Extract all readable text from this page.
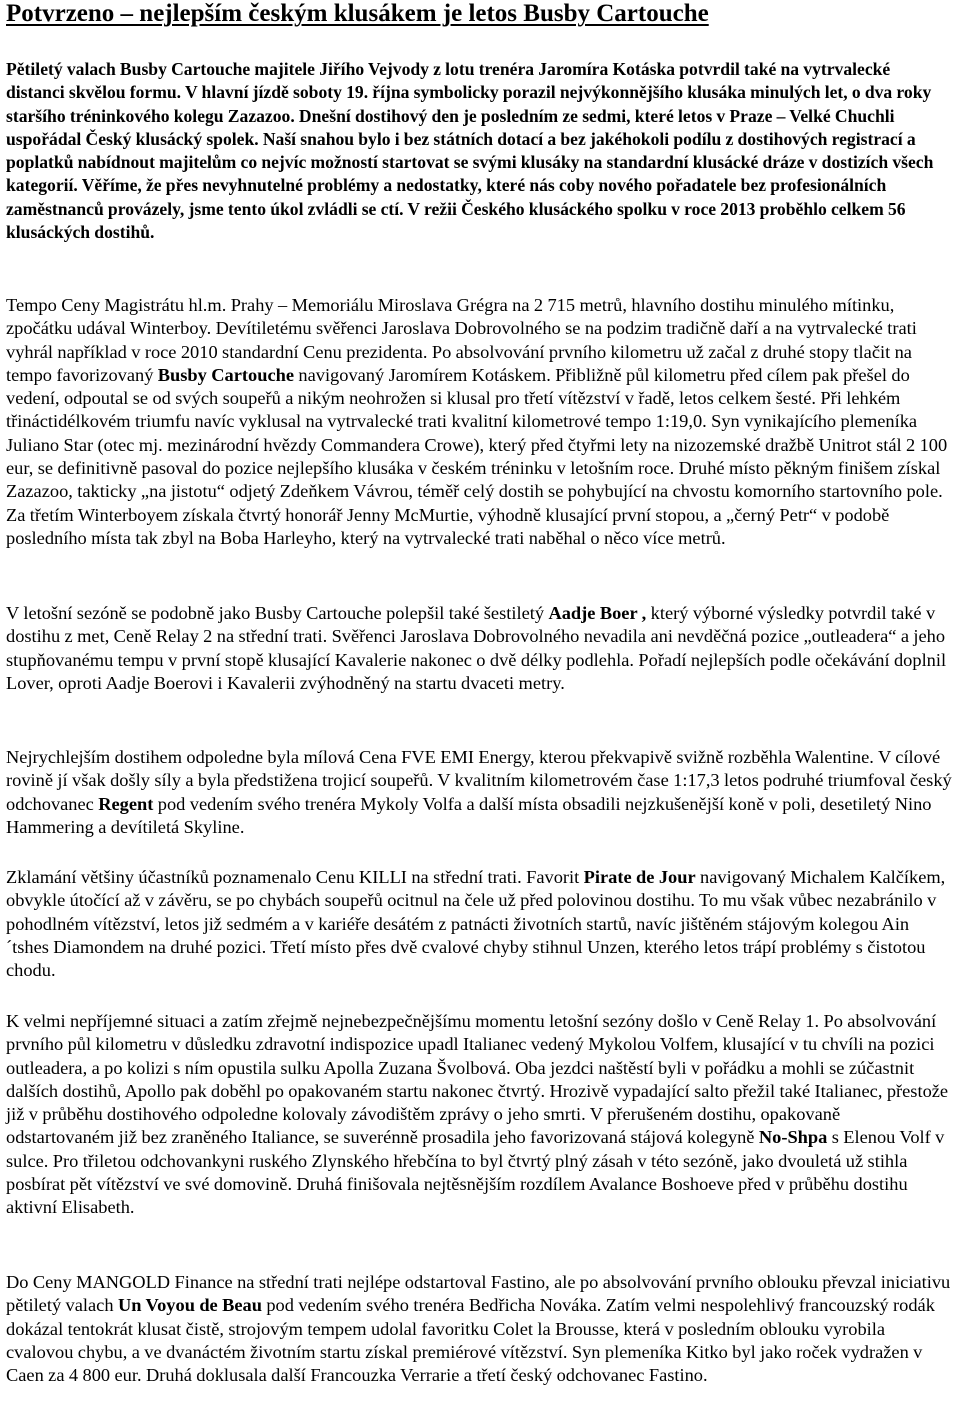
Potvrzeno – nejlepším českým klusákem je letos Busby Cartouche

Pětiletý valach Busby Cartouche majitele Jiřího Vejvody z lotu trenéra Jaromíra Kotáska potvrdil také na vytrvalecké distanci skvělou formu. V hlavní jízdě soboty 19. října symbolicky porazil nejvýkonnějšího klusáka minulých let, o dva roky staršího tréninkového kolegu Zazazoo. Dnešní dostihový den je posledním ze sedmi, které letos v Praze – Velké Chuchli uspořádal Český klusácký spolek. Naší snahou bylo i bez státních dotací a bez jakéhokoli podílu z dostihových registrací a poplatků nabídnout majitelům co nejvíc možností startovat se svými klusáky na standardní klusácké dráze v dostizích všech kategorií. Věříme, že přes nevyhnutelné problémy a nedostatky, které nás coby nového pořadatele bez profesionálních zaměstnanců provázely, jsme tento úkol zvládli se ctí. V režii Českého klusáckého spolku v roce 2013 proběhlo celkem 56 klusáckých dostihů.

Tempo Ceny Magistrátu hl.m. Prahy – Memoriálu Miroslava Grégra na 2 715 metrů, hlavního dostihu minulého mítinku, zpočátku udával Winterboy. Devítiletému svěřenci Jaroslava Dobrovolného se na podzim tradičně daří a na vytrvalecké trati vyhrál například v roce 2010 standardní Cenu prezidenta. Po absolvování prvního kilometru už začal z druhé stopy tlačit na tempo favorizovaný Busby Cartouche navigovaný Jaromírem Kotáskem. Přibližně půl kilometru před cílem pak přešel do vedení, odpoutal se od svých soupeřů a nikým neohrožen si klusal pro třetí vítězství v řadě, letos celkem šesté. Při lehkém třináctidélkovém triumfu navíc vyklusal na vytrvalecké trati kvalitní kilometrové tempo 1:19,0. Syn vynikajícího plemeníka Juliano Star (otec mj. mezinárodní hvězdy Commandera Crowe), který před čtyřmi lety na nizozemské dražbě Unitrot stál 2 100 eur, se definitivně pasoval do pozice nejlepšího klusáka v českém tréninku v letošním roce. Druhé místo pěkným finišem získal Zazazoo, takticky „na jistotu“ odjetý Zdeňkem Vávrou, téměř celý dostih se pohybující na chvostu komorního startovního pole. Za třetím Winterboyem získala čtvrtý honorář Jenny McMurtie, výhodně klusající první stopou, a „černý Petr“ v podobě posledního místa tak zbyl na Boba Harleyho, který na vytrvalecké trati naběhal o něco více metrů.

V letošní sezóně se podobně jako Busby Cartouche polepšil také šestiletý Aadje Boer , který výborné výsledky potvrdil také v dostihu z met, Ceně Relay 2 na střední trati. Svěřenci Jaroslava Dobrovolného nevadila ani nevděčná pozice „outleadera“ a jeho stupňovanému tempu v první stopě klusající Kavalerie nakonec o dvě délky podlehla. Pořadí nejlepších podle očekávání doplnil Lover, oproti Aadje Boerovi i Kavalerii zvýhodněný na startu dvaceti metry.

Nejrychlejším dostihem odpoledne byla mílová Cena FVE EMI Energy, kterou překvapivě svižně rozběhla Walentine. V cílové rovině jí však došly síly a byla předstižena trojicí soupeřů. V kvalitním kilometrovém čase 1:17,3 letos podruhé triumfoval český odchovanec Regent pod vedením svého trenéra Mykoly Volfa a další místa obsadili nejzkušenější koně v poli, desetiletý Nino Hammering a devítiletá Skyline.

Zklamání většiny účastníků poznamenalo Cenu KILLI na střední trati. Favorit Pirate de Jour navigovaný Michalem Kalčíkem, obvykle útočící až v závěru, se po chybách soupeřů ocitnul na čele už před polovinou dostihu. To mu však vůbec nezabránilo v pohodlném vítězství, letos již sedmém a v kariéře desátém z patnácti životních startů, navíc jištěném stájovým kolegou Ain´tshes Diamondem na druhé pozici. Třetí místo přes dvě cvalové chyby stihnul Unzen, kterého letos trápí problémy s čistotou chodu.

K velmi nepříjemné situaci a zatím zřejmě nejnebezpečnějšímu momentu letošní sezóny došlo v Ceně Relay 1. Po absolvování prvního půl kilometru v důsledku zdravotní indispozice upadl Italianec vedený Mykolou Volfem, klusající v tu chvíli na pozici outleadera, a po kolizi s ním opustila sulku Apolla Zuzana Švolbová. Oba jezdci naštěstí byli v pořádku a mohli se zúčastnit dalších dostihů, Apollo pak doběhl po opakovaném startu nakonec čtvrtý. Hrozivě vypadající salto přežil také Italianec, přestože již v průběhu dostihového odpoledne kolovaly závodištěm zprávy o jeho smrti. V přerušeném dostihu, opakovaně odstartovaném již bez zraněného Italiance, se suverénně prosadila jeho favorizovaná stájová kolegyně No-Shpa s Elenou Volf v sulce. Pro třiletou odchovankyni ruského Zlynského hřebčína to byl čtvrtý plný zásah v této sezóně, jako dvouletá už stihla posbírat pět vítězství ve své domovině. Druhá finišovala nejtěsnějším rozdílem Avalance Boshoeve před v průběhu dostihu aktivní Elisabeth.

Do Ceny MANGOLD Finance na střední trati nejlépe odstartoval Fastino, ale po absolvování prvního oblouku převzal iniciativu pětiletý valach Un Voyou de Beau pod vedením svého trenéra Bedřicha Nováka. Zatím velmi nespolehlivý francouzský rodák dokázal tentokrát klusat čistě, strojovým tempem udolal favoritku Colet la Brousse, která v posledním oblouku vyrobila cvalovou chybu, a ve dvanáctém životním startu získal premiérové vítězství. Syn plemeníka Kitko byl jako roček vydražen v Caen za 4 800 eur. Druhá doklusala další Francouzka Verrarie a třetí český odchovanec Fastino.
